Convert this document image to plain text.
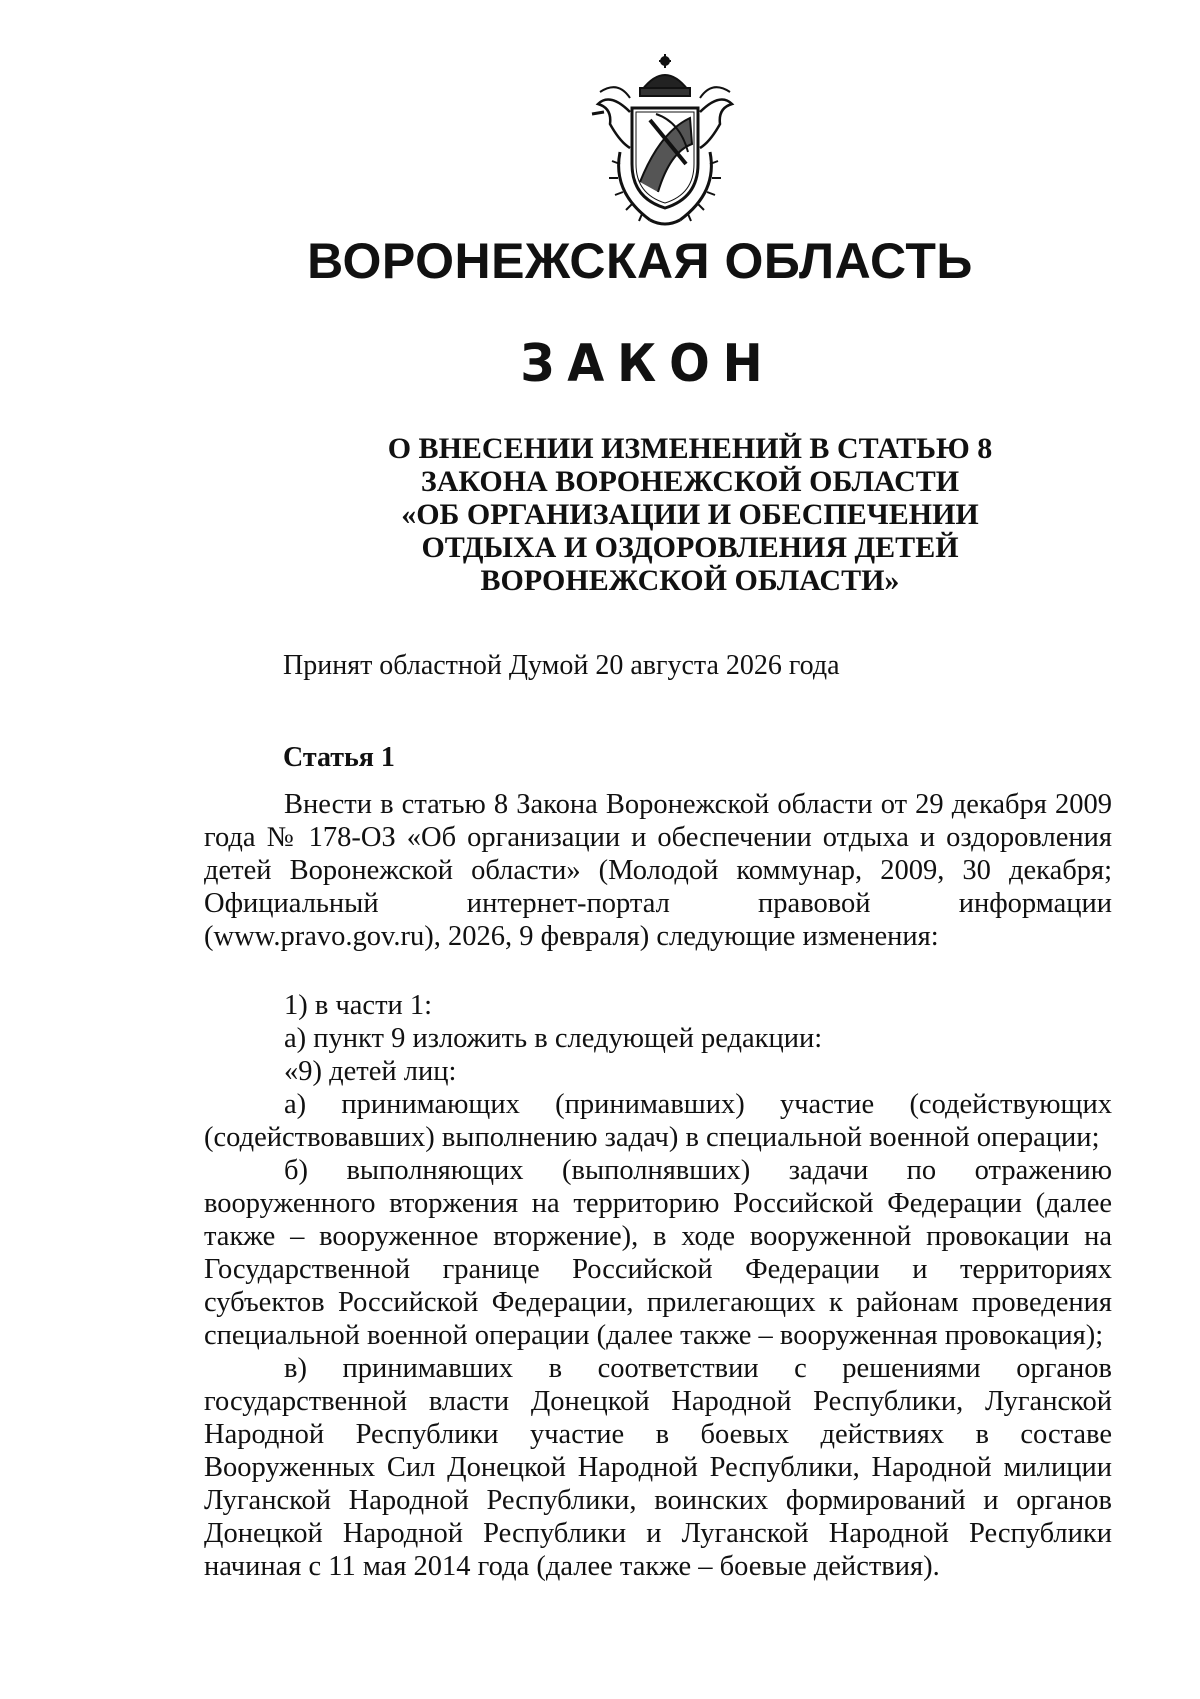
ВОРОНЕЖСКАЯ ОБЛАСТЬ
ЗАКОН
О ВНЕСЕНИИ ИЗМЕНЕНИЙ В СТАТЬЮ 8
ЗАКОНА ВОРОНЕЖСКОЙ ОБЛАСТИ
«ОБ ОРГАНИЗАЦИИ И ОБЕСПЕЧЕНИИ
ОТДЫХА И ОЗДОРОВЛЕНИЯ ДЕТЕЙ
ВОРОНЕЖСКОЙ ОБЛАСТИ»
Принят областной Думой 20 августа 2026 года
Статья 1

Внести в статью 8 Закона Воронежской области от 29 декабря 2009 года № 178-ОЗ «Об организации и обеспечении отдыха и оздоровления детей Воронежской области» (Молодой коммунар, 2009, 30 декабря; Официальный интернет-портал правовой информации (www.pravo.gov.ru), 2026, 9 февраля) следующие изменения:

1) в части 1:

а) пункт 9 изложить в следующей редакции:

«9) детей лиц:

а) принимающих (принимавших) участие (содействующих (содействовавших) выполнению задач) в специальной военной операции;

б) выполняющих (выполнявших) задачи по отражению вооруженного вторжения на территорию Российской Федерации (далее также – вооруженное вторжение), в ходе вооруженной провокации на Государственной границе Российской Федерации и территориях субъектов Российской Федерации, прилегающих к районам проведения специальной военной операции (далее также – вооруженная провокация);

в) принимавших в соответствии с решениями органов государственной власти Донецкой Народной Республики, Луганской Народной Республики участие в боевых действиях в составе Вооруженных Сил Донецкой Народной Республики, Народной милиции Луганской Народной Республики, воинских формирований и органов Донецкой Народной Республики и Луганской Народной Республики начиная с 11 мая 2014 года (далее также – боевые действия).
